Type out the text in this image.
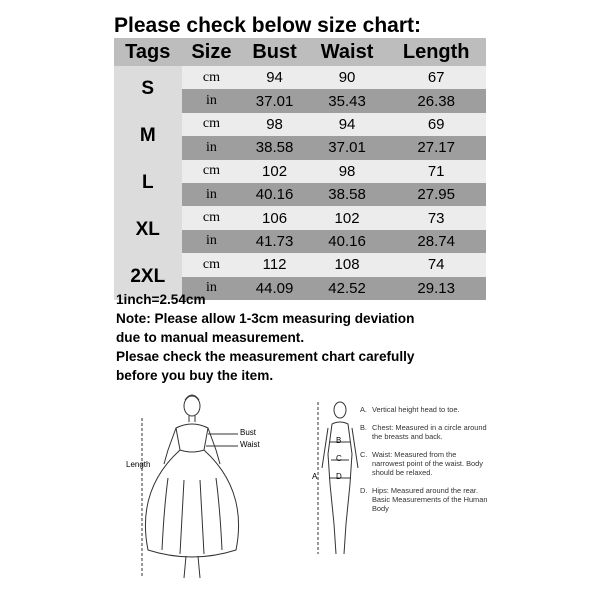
Please check below size chart:
Tags	Size	Bust	Waist	Length
S	cm	94	90	67
	in	37.01	35.43	26.38
M	cm	98	94	69
	in	38.58	37.01	27.17
L	cm	102	98	71
	in	40.16	38.58	27.95
XL	cm	106	102	73
	in	41.73	40.16	28.74
2XL	cm	112	108	74
	in	44.09	42.52	29.13
1inch=2.54cm
Note: Please allow 1-3cm measuring deviation
due to manual measurement.
Plesae check the measurement chart carefully
before you buy the item.
Bust
Waist
Length
A
B
C
D
A. Vertical height head to toe.
B. Chest: Measured in a circle around the breasts and back.
C. Waist: Measured from the narrowest point of the waist. Body should be relaxed.
D. Hips: Measured around the rear. Basic Measurements of the Human Body
